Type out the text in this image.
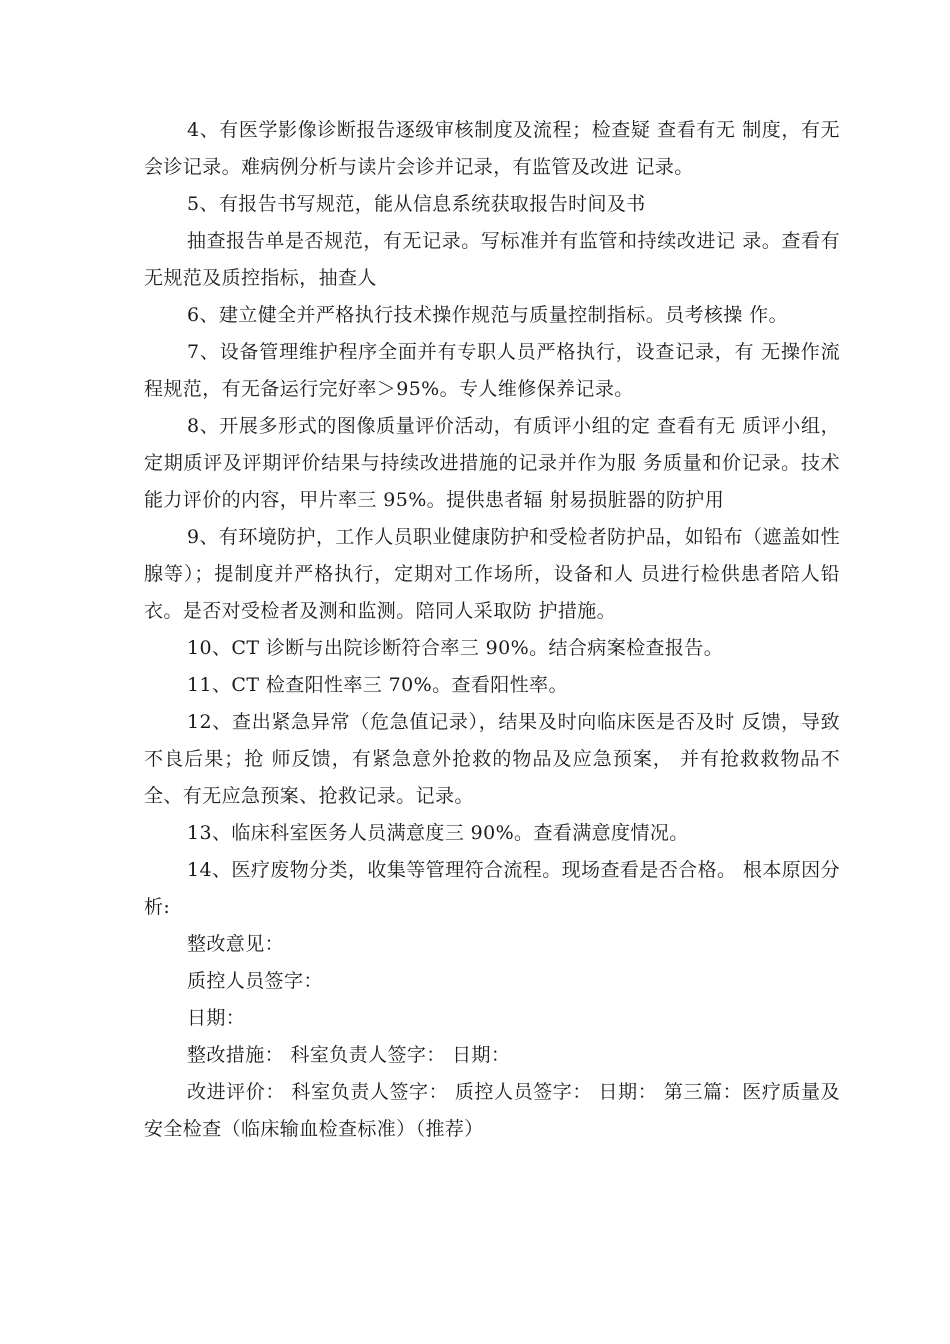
4、有医学影像诊断报告逐级审核制度及流程；检查疑 查看有无 制度，有无会诊记录。难病例分析与读片会诊并记录，有监管及改进 记录。

5、有报告书写规范，能从信息系统获取报告时间及书

抽查报告单是否规范，有无记录。写标准并有监管和持续改进记 录。查看有无规范及质控指标，抽查人

6、建立健全并严格执行技术操作规范与质量控制指标。员考核操 作。

7、设备管理维护程序全面并有专职人员严格执行，设查记录，有 无操作流程规范，有无备运行完好率＞95%。专人维修保养记录。

8、开展多形式的图像质量评价活动，有质评小组的定 查看有无 质评小组，定期质评及评期评价结果与持续改进措施的记录并作为服 务质量和价记录。技术能力评价的内容，甲片率三 95%。提供患者辐 射易损脏器的防护用

9、有环境防护，工作人员职业健康防护和受检者防护品，如铅布（遮盖如性腺等）；提制度并严格执行，定期对工作场所，设备和人 员进行检供患者陪人铅衣。是否对受检者及测和监测。陪同人采取防 护措施。

10、CT 诊断与出院诊断符合率三 90%。结合病案检查报告。

11、CT 检查阳性率三 70%。查看阳性率。

12、查出紧急异常（危急值记录），结果及时向临床医是否及时 反馈，导致不良后果；抢 师反馈，有紧急意外抢救的物品及应急预案， 并有抢救救物品不全、有无应急预案、抢救记录。记录。

13、临床科室医务人员满意度三 90%。查看满意度情况。

14、医疗废物分类，收集等管理符合流程。现场查看是否合格。 根本原因分析:

整改意见：

质控人员签字：

日期：

整改措施： 科室负责人签字： 日期：

改进评价： 科室负责人签字： 质控人员签字： 日期： 第三篇：医疗质量及安全检查（临床输血检查标准）（推荐）
